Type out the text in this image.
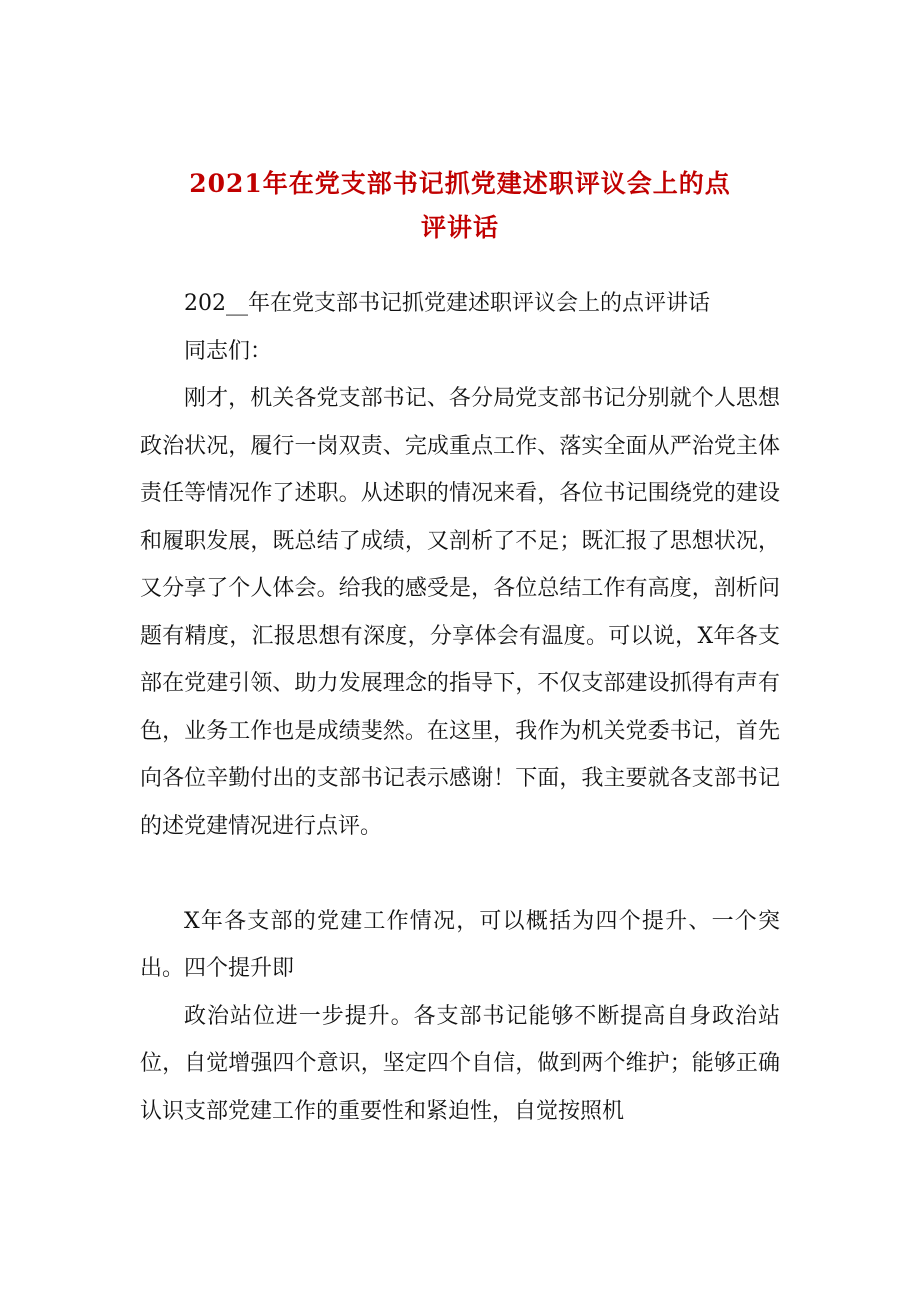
2021年在党支部书记抓党建述职评议会上的点
评讲话

202__年在党支部书记抓党建述职评议会上的点评讲话

同志们：

刚才，机关各党支部书记、各分局党支部书记分别就个人思想政治状况，履行一岗双责、完成重点工作、落实全面从严治党主体责任等情况作了述职。从述职的情况来看，各位书记围绕党的建设和履职发展，既总结了成绩，又剖析了不足；既汇报了思想状况，又分享了个人体会。给我的感受是，各位总结工作有高度，剖析问题有精度，汇报思想有深度，分享体会有温度。可以说，X年各支部在党建引领、助力发展理念的指导下，不仅支部建设抓得有声有色，业务工作也是成绩斐然。在这里，我作为机关党委书记，首先向各位辛勤付出的支部书记表示感谢！下面，我主要就各支部书记的述党建情况进行点评。

X年各支部的党建工作情况，可以概括为四个提升、一个突出。四个提升即

政治站位进一步提升。各支部书记能够不断提高自身政治站位，自觉增强四个意识，坚定四个自信，做到两个维护；能够正确认识支部党建工作的重要性和紧迫性，自觉按照机
